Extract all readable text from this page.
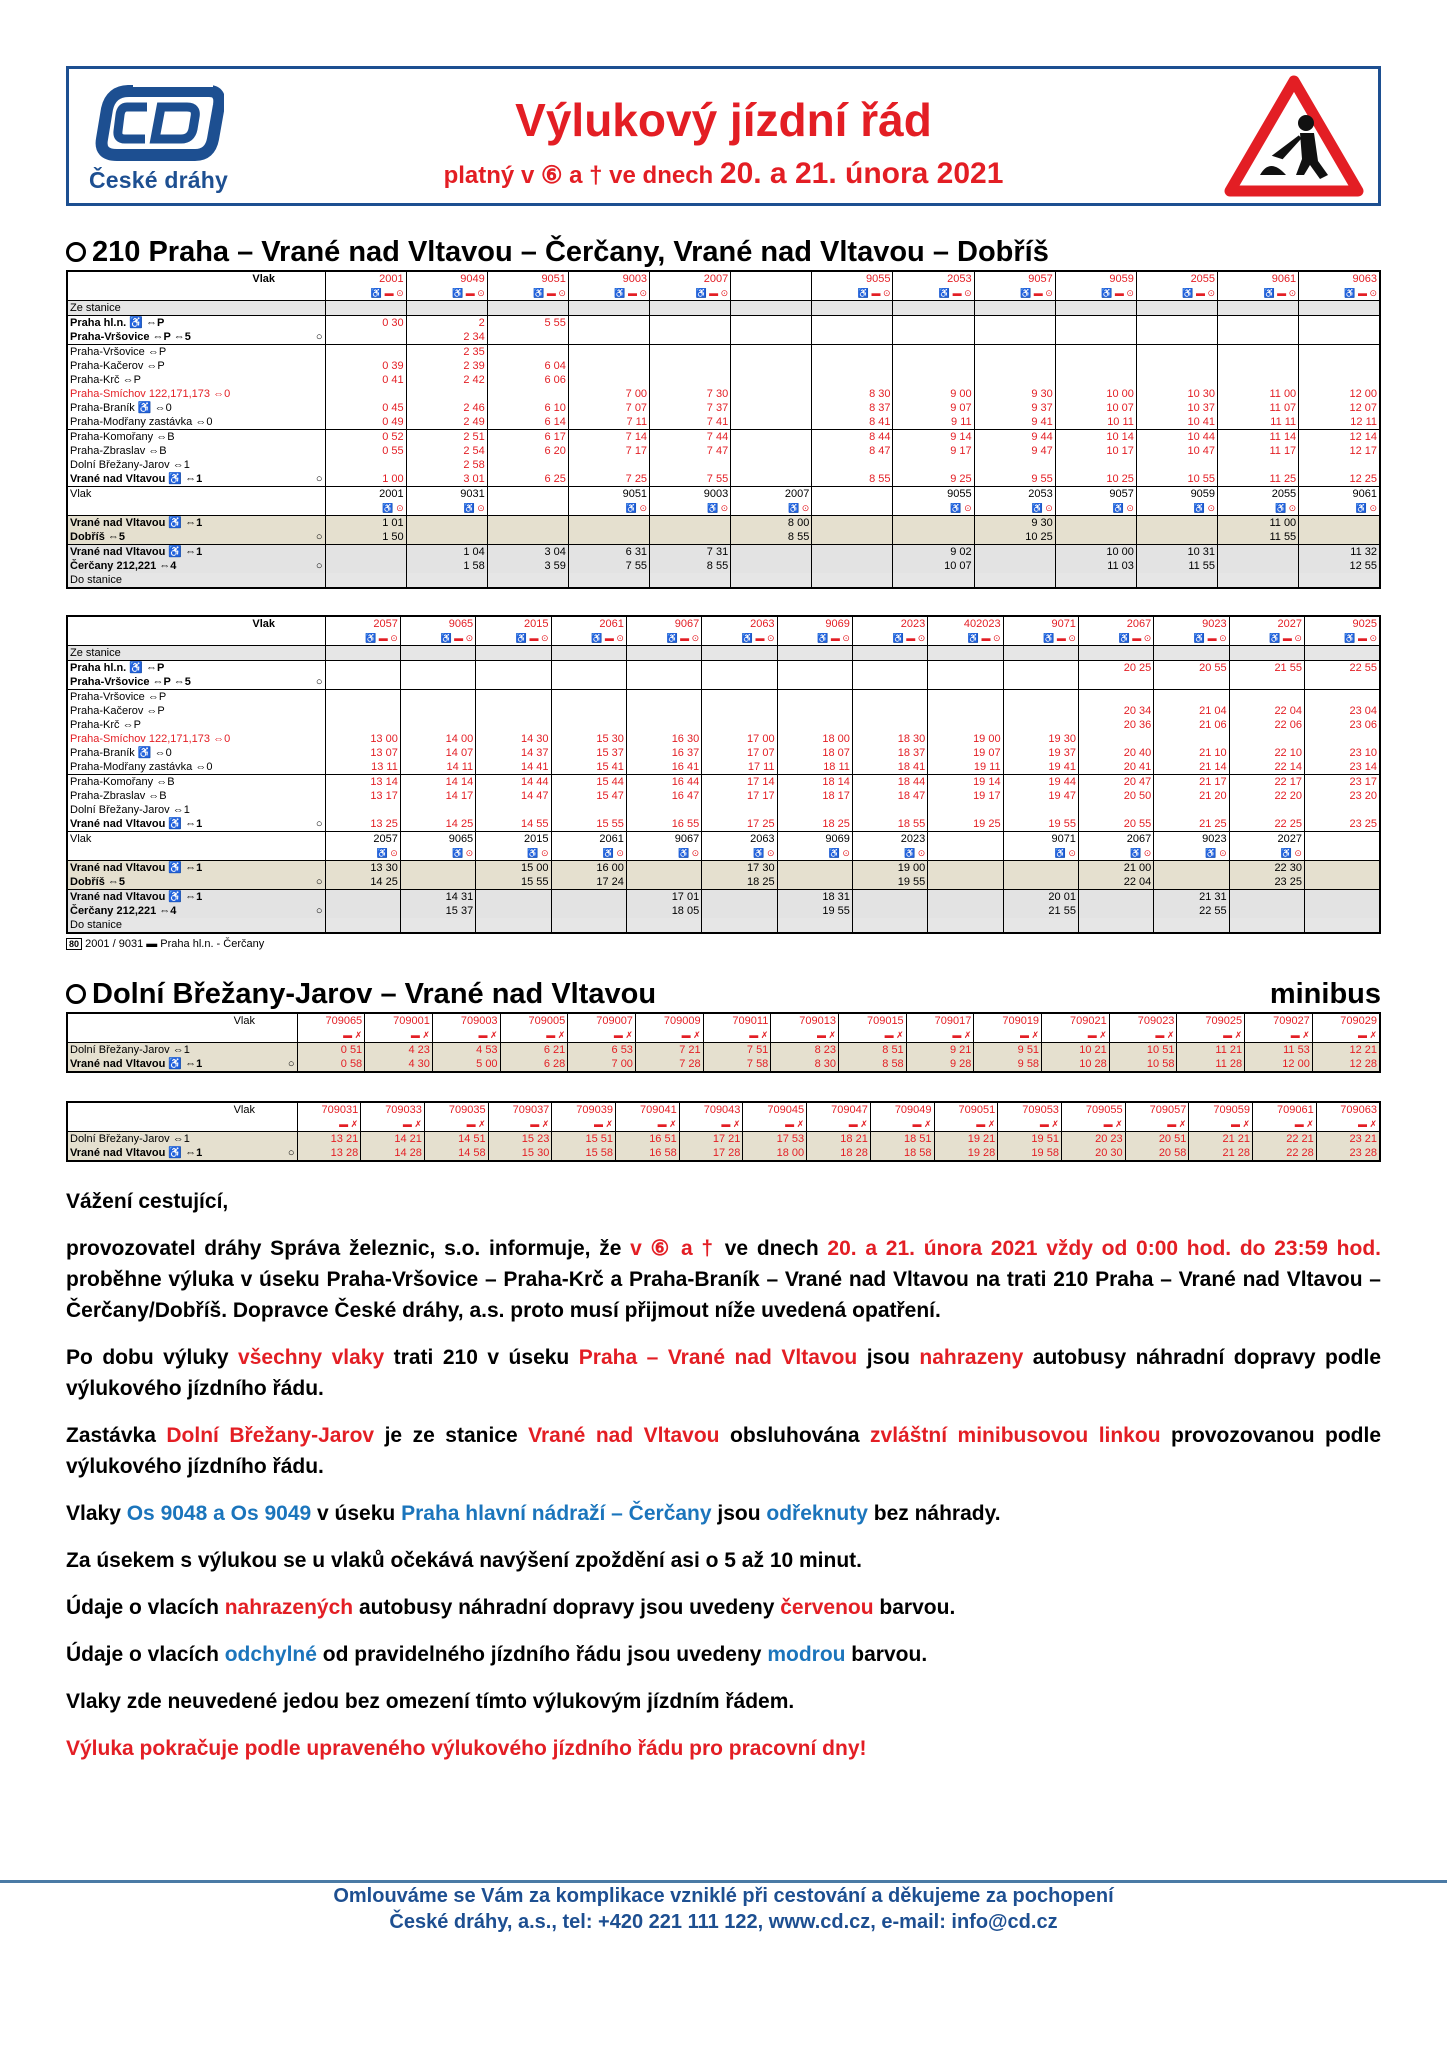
České dráhy
Výlukový jízdní řád
platný v ⑥ a † ve dnech 20. a 21. února 2021
210 Praha – Vrané nad Vltavou – Čerčany, Vrané nad Vltavou – Dobříš
Vlak		2001	9049	9051	9003	2007		9055	2053	9057	9059	2055	9061	9063
		♿ ▬ ⊙	♿ ▬ ⊙	♿ ▬ ⊙	♿ ▬ ⊙	♿ ▬ ⊙		♿ ▬ ⊙	♿ ▬ ⊙	♿ ▬ ⊙	♿ ▬ ⊙	♿ ▬ ⊙	♿ ▬ ⊙	♿ ▬ ⊙
Ze stanice														
Praha hl.n. ♿ ⇔P		0 30	2	5 55										
Praha-Vršovice ⇔P ⇔5	○		2 34											
Praha-Vršovice ⇔P			2 35											
Praha-Kačerov ⇔P		0 39	2 39	6 04										
Praha-Krč ⇔P		0 41	2 42	6 06										
Praha-Smíchov 122,171,173 ⇔0					7 00	7 30		8 30	9 00	9 30	10 00	10 30	11 00	12 00
Praha-Braník ♿ ⇔0		0 45	2 46	6 10	7 07	7 37		8 37	9 07	9 37	10 07	10 37	11 07	12 07
Praha-Modřany zastávka ⇔0		0 49	2 49	6 14	7 11	7 41		8 41	9 11	9 41	10 11	10 41	11 11	12 11
Praha-Komořany ⇔B		0 52	2 51	6 17	7 14	7 44		8 44	9 14	9 44	10 14	10 44	11 14	12 14
Praha-Zbraslav ⇔B		0 55	2 54	6 20	7 17	7 47		8 47	9 17	9 47	10 17	10 47	11 17	12 17
Dolní Břežany-Jarov ⇔1			2 58											
Vrané nad Vltavou ♿ ⇔1	○	1 00	3 01	6 25	7 25	7 55		8 55	9 25	9 55	10 25	10 55	11 25	12 25
Vlak		2001	9031		9051	9003	2007		9055	2053	9057	9059	2055	9061
		♿ ⊙	♿ ⊙		♿ ⊙	♿ ⊙	♿ ⊙		♿ ⊙	♿ ⊙	♿ ⊙	♿ ⊙	♿ ⊙	♿ ⊙
Vrané nad Vltavou ♿ ⇔1		1 01					8 00			9 30			11 00	
Dobříš ⇔5	○	1 50					8 55			10 25			11 55	
Vrané nad Vltavou ♿ ⇔1			1 04	3 04	6 31	7 31			9 02		10 00	10 31		11 32
Čerčany 212,221 ⇔4	○		1 58	3 59	7 55	8 55			10 07		11 03	11 55		12 55
Do stanice														
Vlak		2057	9065	2015	2061	9067	2063	9069	2023	402023	9071	2067	9023	2027	9025
		♿ ▬ ⊙	♿ ▬ ⊙	♿ ▬ ⊙	♿ ▬ ⊙	♿ ▬ ⊙	♿ ▬ ⊙	♿ ▬ ⊙	♿ ▬ ⊙	♿ ▬ ⊙	♿ ▬ ⊙	♿ ▬ ⊙	♿ ▬ ⊙	♿ ▬ ⊙	♿ ▬ ⊙
Ze stanice															
Praha hl.n. ♿ ⇔P												20 25	20 55	21 55	22 55
Praha-Vršovice ⇔P ⇔5	○														
Praha-Vršovice ⇔P															
Praha-Kačerov ⇔P												20 34	21 04	22 04	23 04
Praha-Krč ⇔P												20 36	21 06	22 06	23 06
Praha-Smíchov 122,171,173 ⇔0		13 00	14 00	14 30	15 30	16 30	17 00	18 00	18 30	19 00	19 30				
Praha-Braník ♿ ⇔0		13 07	14 07	14 37	15 37	16 37	17 07	18 07	18 37	19 07	19 37	20 40	21 10	22 10	23 10
Praha-Modřany zastávka ⇔0		13 11	14 11	14 41	15 41	16 41	17 11	18 11	18 41	19 11	19 41	20 41	21 14	22 14	23 14
Praha-Komořany ⇔B		13 14	14 14	14 44	15 44	16 44	17 14	18 14	18 44	19 14	19 44	20 47	21 17	22 17	23 17
Praha-Zbraslav ⇔B		13 17	14 17	14 47	15 47	16 47	17 17	18 17	18 47	19 17	19 47	20 50	21 20	22 20	23 20
Dolní Břežany-Jarov ⇔1															
Vrané nad Vltavou ♿ ⇔1	○	13 25	14 25	14 55	15 55	16 55	17 25	18 25	18 55	19 25	19 55	20 55	21 25	22 25	23 25
Vlak		2057	9065	2015	2061	9067	2063	9069	2023		9071	2067	9023	2027	
		♿ ⊙	♿ ⊙	♿ ⊙	♿ ⊙	♿ ⊙	♿ ⊙	♿ ⊙	♿ ⊙		♿ ⊙	♿ ⊙	♿ ⊙	♿ ⊙	
Vrané nad Vltavou ♿ ⇔1		13 30		15 00	16 00		17 30		19 00			21 00		22 30	
Dobříš ⇔5	○	14 25		15 55	17 24		18 25		19 55			22 04		23 25	
Vrané nad Vltavou ♿ ⇔1			14 31			17 01		18 31			20 01		21 31		
Čerčany 212,221 ⇔4	○		15 37			18 05		19 55			21 55		22 55		
Do stanice															
80 2001 / 9031 ▬ Praha hl.n. - Čerčany
Dolní Břežany-Jarov – Vrané nad Vltavou	minibus
Vlak		709065	709001	709003	709005	709007	709009	709011	709013	709015	709017	709019	709021	709023	709025	709027	709029
		▬ ✗	▬ ✗	▬ ✗	▬ ✗	▬ ✗	▬ ✗	▬ ✗	▬ ✗	▬ ✗	▬ ✗	▬ ✗	▬ ✗	▬ ✗	▬ ✗	▬ ✗	▬ ✗
Dolní Břežany-Jarov ⇔1		0 51	4 23	4 53	6 21	6 53	7 21	7 51	8 23	8 51	9 21	9 51	10 21	10 51	11 21	11 53	12 21
Vrané nad Vltavou ♿ ⇔1	○	0 58	4 30	5 00	6 28	7 00	7 28	7 58	8 30	8 58	9 28	9 58	10 28	10 58	11 28	12 00	12 28
Vlak		709031	709033	709035	709037	709039	709041	709043	709045	709047	709049	709051	709053	709055	709057	709059	709061	709063
		▬ ✗	▬ ✗	▬ ✗	▬ ✗	▬ ✗	▬ ✗	▬ ✗	▬ ✗	▬ ✗	▬ ✗	▬ ✗	▬ ✗	▬ ✗	▬ ✗	▬ ✗	▬ ✗	▬ ✗
Dolní Břežany-Jarov ⇔1		13 21	14 21	14 51	15 23	15 51	16 51	17 21	17 53	18 21	18 51	19 21	19 51	20 23	20 51	21 21	22 21	23 21
Vrané nad Vltavou ♿ ⇔1	○	13 28	14 28	14 58	15 30	15 58	16 58	17 28	18 00	18 28	18 58	19 28	19 58	20 30	20 58	21 28	22 28	23 28

Vážení cestující,

provozovatel dráhy Správa železnic, s.o. informuje, že v ⑥ a † ve dnech 20. a 21. února 2021 vždy od 0:00 hod. do 23:59 hod. proběhne výluka v úseku Praha-Vršovice – Praha-Krč a Praha-Braník – Vrané nad Vltavou na trati 210 Praha – Vrané nad Vltavou – Čerčany/Dobříš. Dopravce České dráhy, a.s. proto musí přijmout níže uvedená opatření.

Po dobu výluky všechny vlaky trati 210 v úseku Praha – Vrané nad Vltavou jsou nahrazeny autobusy náhradní dopravy podle výlukového jízdního řádu.

Zastávka Dolní Břežany-Jarov je ze stanice Vrané nad Vltavou obsluhována zvláštní minibusovou linkou provozovanou podle výlukového jízdního řádu.

Vlaky Os 9048 a Os 9049 v úseku Praha hlavní nádraží – Čerčany jsou odřeknuty bez náhrady.

Za úsekem s výlukou se u vlaků očekává navýšení zpoždění asi o 5 až 10 minut.

Údaje o vlacích nahrazených autobusy náhradní dopravy jsou uvedeny červenou barvou.

Údaje o vlacích odchylné od pravidelného jízdního řádu jsou uvedeny modrou barvou.

Vlaky zde neuvedené jedou bez omezení tímto výlukovým jízdním řádem.

Výluka pokračuje podle upraveného výlukového jízdního řádu pro pracovní dny!

Omlouváme se Vám za komplikace vzniklé při cestování a děkujeme za pochopení
České dráhy, a.s., tel: +420 221 111 122, www.cd.cz, e-mail: info@cd.cz
